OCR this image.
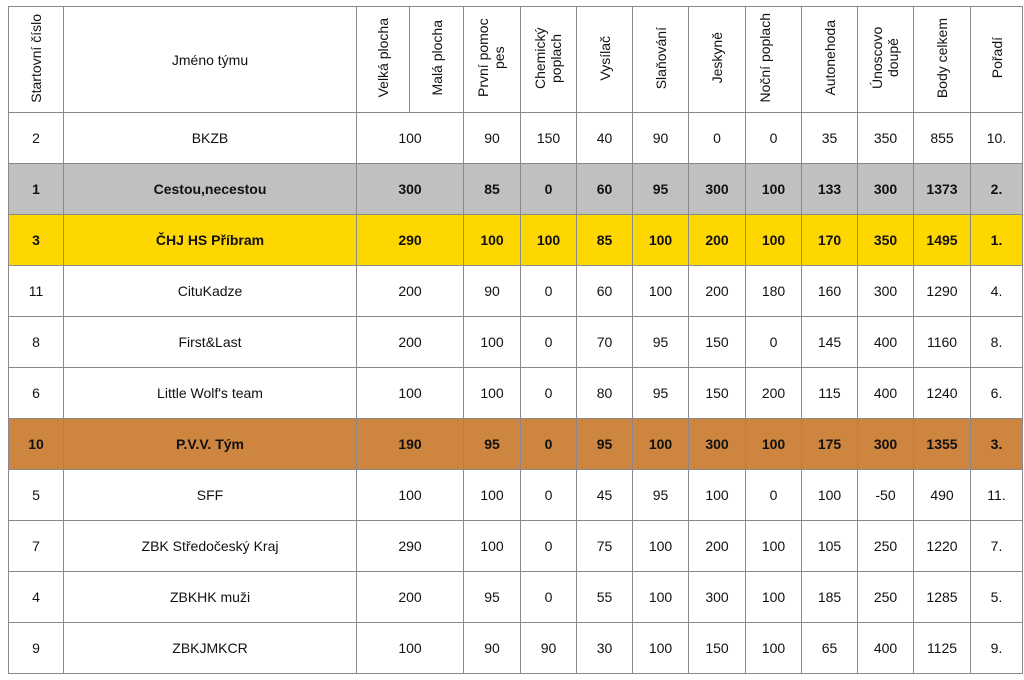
Startovní číslo	Jméno týmu	Velká plocha	Malá plocha	První pomoc pes	Chemický poplach	Vysílač	Slaňování	Jeskyně	Noční poplach	Autonehoda	Únoscovo doupě	Body celkem	Pořadí
2	BKZB	100		90	150	40	90	0	0	35	350	855	10.
1	Cestou,necestou	300		85	0	60	95	300	100	133	300	1373	2.
3	ČHJ HS Příbram	290		100	100	85	100	200	100	170	350	1495	1.
11	CituKadze	200		90	0	60	100	200	180	160	300	1290	4.
8	First&Last	200		100	0	70	95	150	0	145	400	1160	8.
6	Little Wolf's team	100		100	0	80	95	150	200	115	400	1240	6.
10	P.V.V. Tým	190		95	0	95	100	300	100	175	300	1355	3.
5	SFF	100		100	0	45	95	100	0	100	-50	490	11.
7	ZBK Středočeský Kraj	290		100	0	75	100	200	100	105	250	1220	7.
4	ZBKHK muži	200		95	0	55	100	300	100	185	250	1285	5.
9	ZBKJMKCR	100		90	90	30	100	150	100	65	400	1125	9.
